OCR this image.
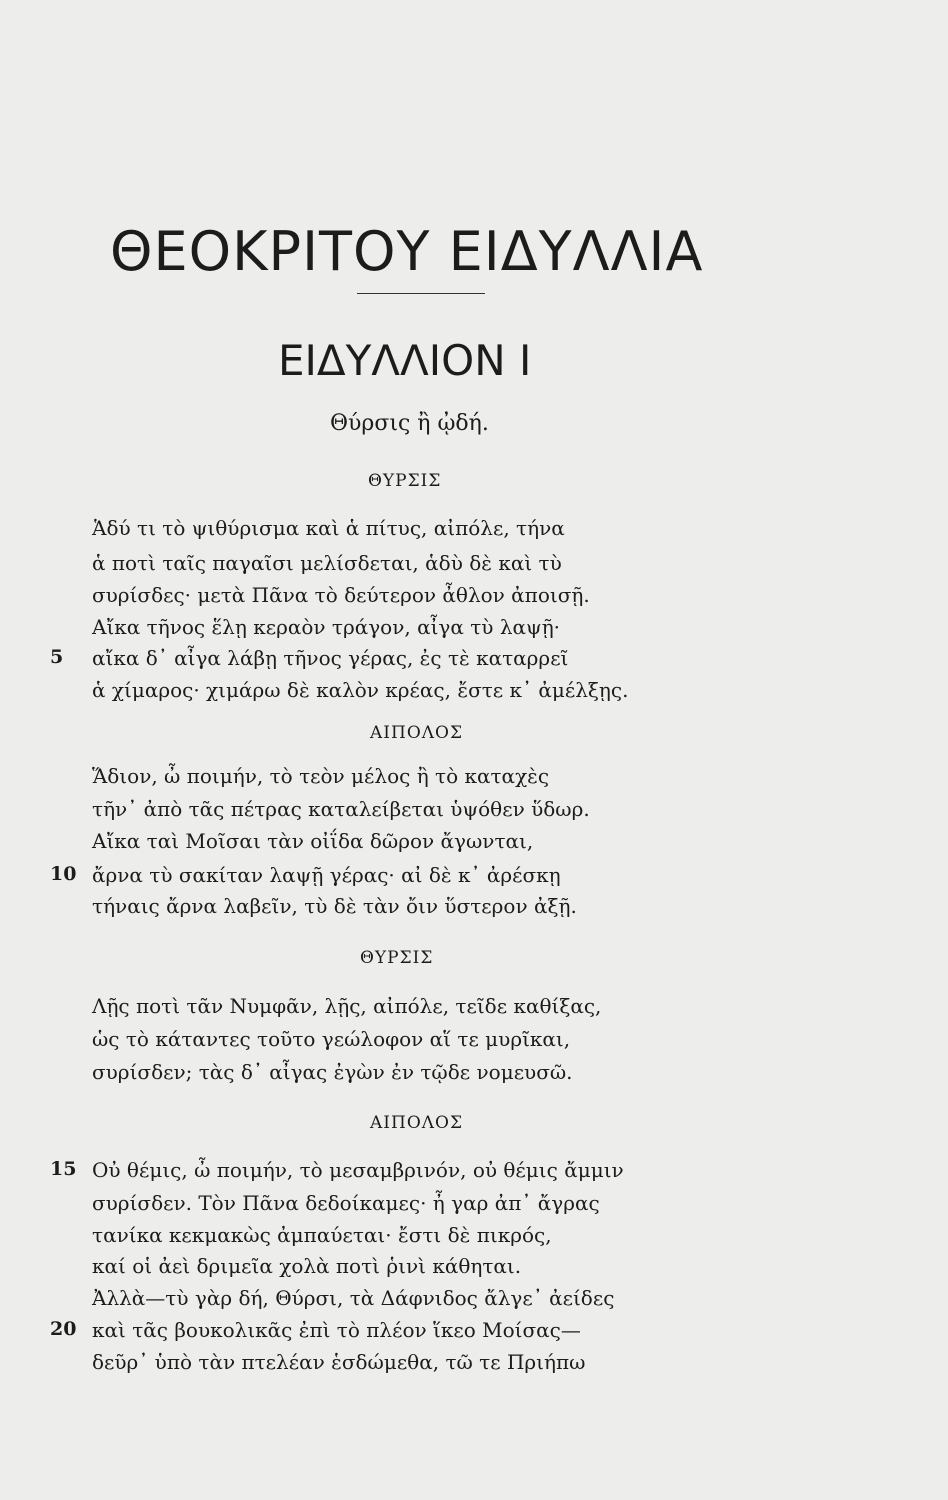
ΘΕΟΚΡΙΤΟΥ ΕΙΔΥΛΛΙΑ
ΕΙΔΥΛΛΙΟΝ Ι
Θύρσις ἢ ᾠδή.
ΘΥΡΣΙΣ
Ἁδύ τι τὸ ψιθύρισμα καὶ ἁ πίτυς, αἰπόλε, τήνα
ἁ ποτὶ ταῖς παγαῖσι μελίσδεται, ἁδὺ δὲ καὶ τὺ
συρίσδες· μετὰ Πᾶνα τὸ δεύτερον ἆθλον ἀποισῇ.
Αἴκα τῆνος ἕλῃ κεραὸν τράγον, αἶγα τὺ λαψῇ·
5 αἴκα δ᾽ αἶγα λάβῃ τῆνος γέρας, ἐς τὲ καταρρεῖ
ἁ χίμαρος· χιμάρω δὲ καλὸν κρέας, ἔστε κ᾽ ἀμέλξῃς.
ΑΙΠΟΛΟΣ
Ἅδιον, ὦ ποιμήν, τὸ τεὸν μέλος ἢ τὸ καταχὲς
τῆν᾽ ἀπὸ τᾶς πέτρας καταλείβεται ὑψόθεν ὕδωρ.
Αἴκα ταὶ Μοῖσαι τὰν οἰΐδα δῶρον ἄγωνται,
10 ἄρνα τὺ σακίταν λαψῇ γέρας· αἰ δὲ κ᾽ ἀρέσκῃ
τήναις ἄρνα λαβεῖν, τὺ δὲ τὰν ὄιν ὕστερον ἀξῇ.
ΘΥΡΣΙΣ
Λῇς ποτὶ τᾶν Νυμφᾶν, λῇς, αἰπόλε, τεῖδε καθίξας,
ὡς τὸ κάταντες τοῦτο γεώλοφον αἵ τε μυρῖκαι,
συρίσδεν; τὰς δ᾽ αἶγας ἐγὼν ἐν τῷδε νομευσῶ.
ΑΙΠΟΛΟΣ
15 Οὐ θέμις, ὦ ποιμήν, τὸ μεσαμβρινόν, οὐ θέμις ἄμμιν
συρίσδεν. Τὸν Πᾶνα δεδοίκαμες· ἦ γαρ ἀπ᾽ ἄγρας
τανίκα κεκμακὼς ἀμπαύεται· ἔστι δὲ πικρός,
καί οἱ ἀεὶ δριμεῖα χολὰ ποτὶ ῥινὶ κάθηται.
Ἀλλὰ—τὺ γὰρ δή, Θύρσι, τὰ Δάφνιδος ἄλγε᾽ ἀείδες
20 καὶ τᾶς βουκολικᾶς ἐπὶ τὸ πλέον ἵκεο Μοίσας—
δεῦρ᾽ ὑπὸ τὰν πτελέαν ἑσδώμεθα, τῶ τε Πριήπω
